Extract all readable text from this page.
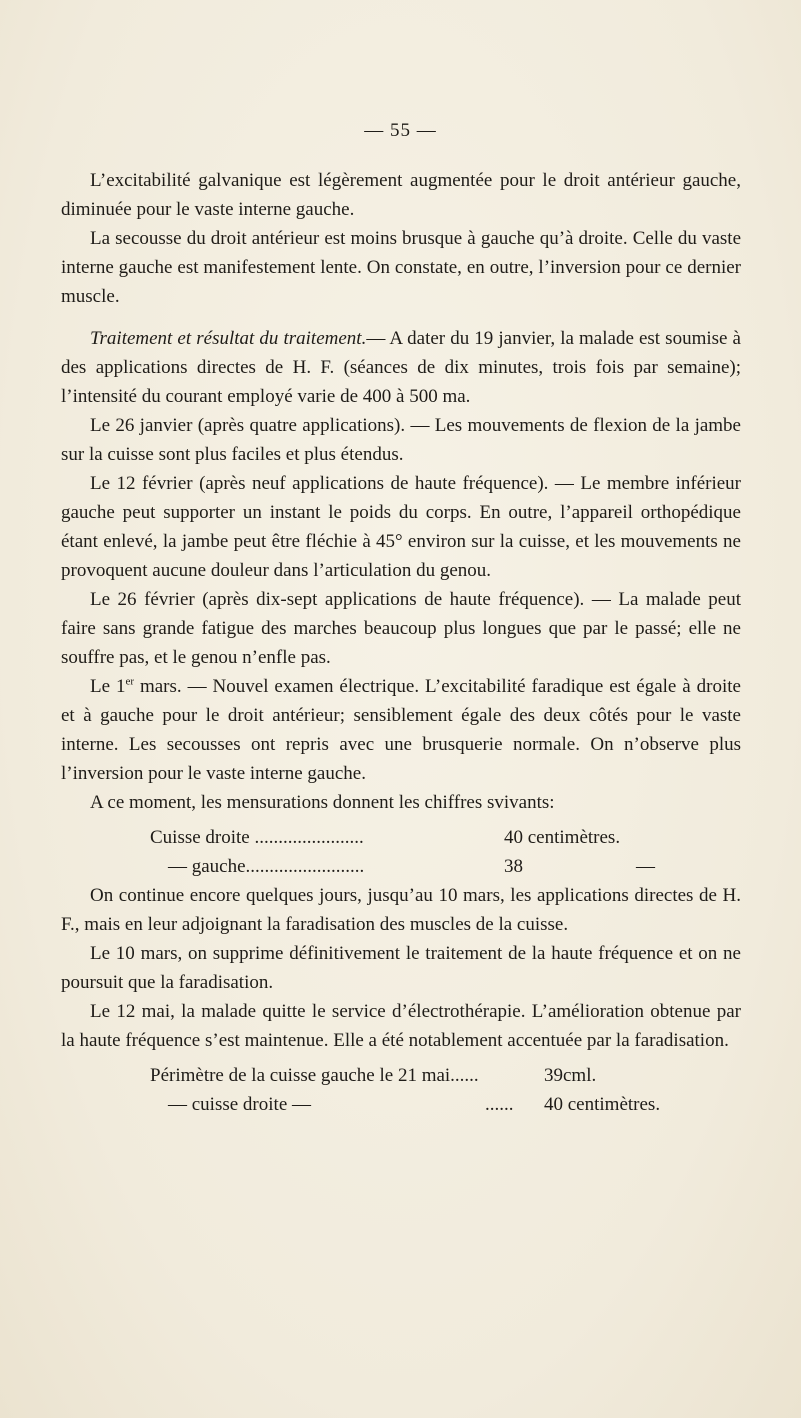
— 55 —

L’excitabilité galvanique est légèrement augmentée pour le droit antérieur gauche, diminuée pour le vaste interne gauche.

La secousse du droit antérieur est moins brusque à gauche qu’à droite. Celle du vaste interne gauche est manifestement lente. On constate, en outre, l’inversion pour ce dernier muscle.

Traitement et résultat du traitement.— A dater du 19 janvier, la malade est soumise à des applications directes de H. F. (séances de dix minutes, trois fois par semaine); l’intensité du courant employé varie de 400 à 500 ma.

Le 26 janvier (après quatre applications). — Les mouvements de flexion de la jambe sur la cuisse sont plus faciles et plus étendus.

Le 12 février (après neuf applications de haute fréquence). — Le membre inférieur gauche peut supporter un instant le poids du corps. En outre, l’appareil orthopédique étant enlevé, la jambe peut être fléchie à 45° environ sur la cuisse, et les mouvements ne provoquent aucune douleur dans l’articulation du genou.

Le 26 février (après dix-sept applications de haute fréquence). — La malade peut faire sans grande fatigue des marches beaucoup plus longues que par le passé; elle ne souffre pas, et le genou n’enfle pas.

Le 1er mars. — Nouvel examen électrique. L’excitabilité faradique est égale à droite et à gauche pour le droit antérieur; sensiblement égale des deux côtés pour le vaste interne. Les secousses ont repris avec une brusquerie normale. On n’observe plus l’inversion pour le vaste interne gauche.

A ce moment, les mensurations donnent les chiffres svivants:

Cuisse droite .......................	40 centimètres.
— gauche.........................	38	—

On continue encore quelques jours, jusqu’au 10 mars, les applications directes de H. F., mais en leur adjoignant la faradisation des muscles de la cuisse.

Le 10 mars, on supprime définitivement le traitement de la haute fréquence et on ne poursuit que la faradisation.

Le 12 mai, la malade quitte le service d’électrothérapie. L’amélioration obtenue par la haute fréquence s’est maintenue. Elle a été notablement accentuée par la faradisation.

Périmètre de la cuisse gauche le 21 mai......	39cml.
— cuisse droite —	...... 40 centimètres.
